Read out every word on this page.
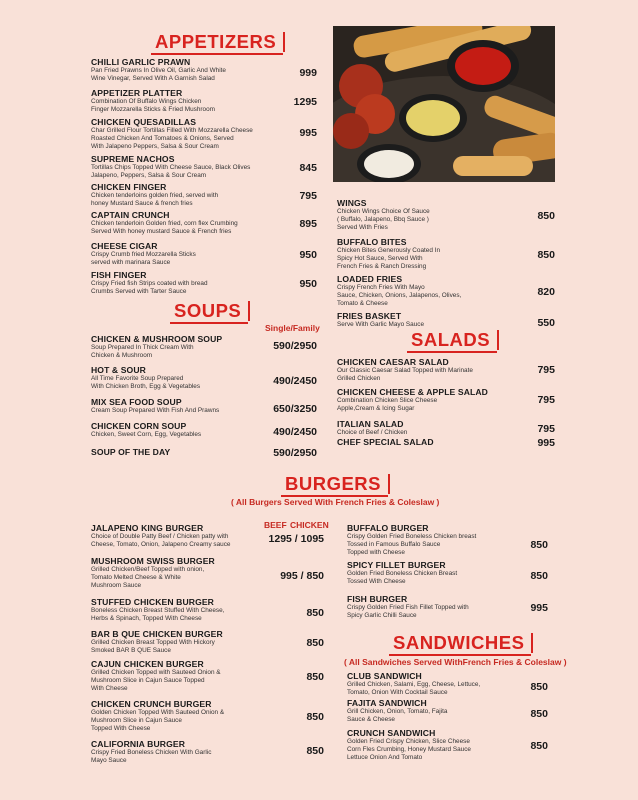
APPETIZERS
CHILLI GARLIC PRAWN
Pan Fried Prawns In Olive Oil, Garlic And White
Wine Vinegar, Served With A Garnish Salad	999
APPETIZER PLATTER
Combination Of Buffalo Wings Chicken
Finger Mozzarella Sticks & Fried Mushroom
1295
CHICKEN QUESADILLAS
Char Grilled Flour Tortillas Filled With Mozzarella Cheese
Roasted Chicken And Tomatoes & Onions, Served
With Jalapeno Peppers, Salsa & Sour Cream
995
SUPREME NACHOS
Tortillas Chips Topped With Cheese Sauce, Black Olives
Jalapeno, Peppers, Salsa & Sour Cream
845
CHICKEN FINGER
Chicken tenderloins golden fried, served with
honey Mustard Sauce & french fries
795
CAPTAIN CRUNCH
Chicken tenderloin Golden fried, corn flex Crumbing
Served With honey mustard Sauce & French fries
895
CHEESE CIGAR
Crispy Crumb fried Mozzarella Sticks
served with marinara Sauce
950
FISH FINGER
Crispy Fried fish Strips coated with bread
Crumbs Served with Tarter Sauce
950
WINGS
Chicken Wings Choice Of Sauce
( Buffalo, Jalapeno, Bbq Sauce )
Served With Fries
850
BUFFALO BITES
Chicken Bites Generously Coated In
Spicy Hot Sauce, Served With
French Fries & Ranch Dressing
850
LOADED FRIES
Crispy French Fries With Mayo
Sauce, Chicken, Onions, Jalapenos, Olives,
Tomato & Cheese
820
FRIES BASKET
Serve With Garlic Mayo Sauce	550
SOUPS
Single/Family
CHICKEN & MUSHROOM SOUP
Soup Prepared In Thick Cream With
Chicken & Mushroom
590/2950
HOT & SOUR
All Time Favorite Soup Prepared
With Chicken Broth, Egg & Vegetables	490/2450
MIX SEA FOOD SOUP
Cream Soup Prepared With Fish And Prawns	650/3250
CHICKEN CORN SOUP
Chicken, Sweet Corn, Egg, Vegetables	490/2450
SOUP OF THE DAY	590/2950
SALADS
CHICKEN CAESAR SALAD
Our Classic Caesar Salad Topped with Marinate
Grilled Chicken
795
CHICKEN CHEESE & APPLE SALAD
Combination Chicken Slice Cheese
Apple,Cream & Icing Sugar
795
ITALIAN SALAD
Choice of Beef / Chicken	795
CHEF SPECIAL SALAD	995
BURGERS
( All Burgers Served With French Fries & Coleslaw )
BEEF CHICKEN
JALAPENO KING BURGER
Choice of Double Patty Beef / Chicken patty with
Cheese, Tomato, Onion, Jalapeno Creamy sauce	1295 / 1095
MUSHROOM SWISS BURGER
Grilled Chicken/Beef Topped with onion,
Tomato Melted Cheese & White
Mushroom Sauce
995 / 850
STUFFED CHICKEN BURGER
Boneless Chicken Breast Stuffed With Cheese,
Herbs & Spinach, Topped With Cheese	850
BAR B QUE CHICKEN BURGER
Grilled Chicken Breast Topped With Hickory
Smoked BAR B QUE Sauce
850
CAJUN CHICKEN BURGER
Grilled Chicken Topped with Sauteed Onion &
Mushroom Slice in Cajun Sauce Topped
With Cheese
850
CHICKEN CRUNCH BURGER
Golden Chicken Topped With Sauteed Onion &
Mushroom Slice in Cajun Sauce
Topped With Cheese
850
CALIFORNIA BURGER
Crispy Fried Boneless Chicken With Garlic
Mayo Sauce
850
BUFFALO BURGER
Crispy Golden Fried Boneless Chicken breast
Tossed in Famous Buffalo Sauce
Topped with Cheese
850
SPICY FILLET BURGER
Golden Fried Boneless Chicken Breast
Tossed With Cheese	850
FISH BURGER
Crispy Golden Fried Fish Fillet Topped with
Spicy Garlic Chilli Sauce
995
SANDWICHES
( All Sandwiches Served WithFrench Fries & Coleslaw )
CLUB SANDWICH
Grilled Chicken, Salami, Egg, Cheese, Lettuce,
Tomato, Onion With Cocktail Sauce	850
FAJITA SANDWICH
Grill Chicken, Onion, Tomato, Fajita
Sauce & Cheese	850
CRUNCH SANDWICH
Golden Fried Crispy Chicken, Slice Cheese
Corn Fles Crumbing, Honey Mustard Sauce
Lettuce Onion And Tomato
850
